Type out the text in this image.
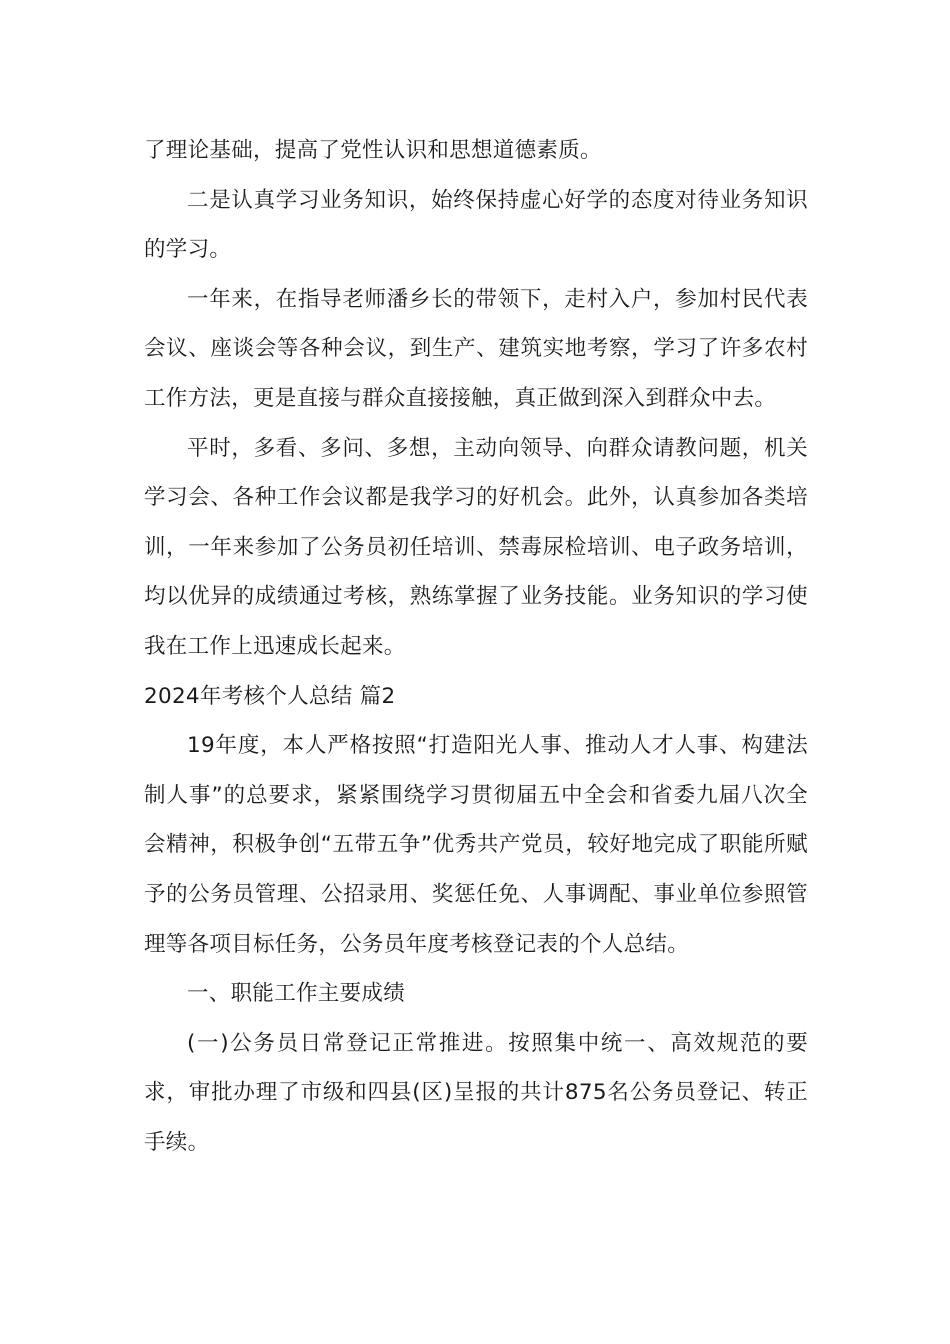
了理论基础，提高了党性认识和思想道德素质。

二是认真学习业务知识，始终保持虚心好学的态度对待业务知识的学习。

一年来，在指导老师潘乡长的带领下，走村入户，参加村民代表会议、座谈会等各种会议，到生产、建筑实地考察，学习了许多农村工作方法，更是直接与群众直接接触，真正做到深入到群众中去。

平时，多看、多问、多想，主动向领导、向群众请教问题，机关学习会、各种工作会议都是我学习的好机会。此外，认真参加各类培训，一年来参加了公务员初任培训、禁毒尿检培训、电子政务培训，均以优异的成绩通过考核，熟练掌握了业务技能。业务知识的学习使我在工作上迅速成长起来。

2024年考核个人总结 篇2

19年度，本人严格按照“打造阳光人事、推动人才人事、构建法制人事”的总要求，紧紧围绕学习贯彻届五中全会和省委九届八次全会精神，积极争创“五带五争”优秀共产党员，较好地完成了职能所赋予的公务员管理、公招录用、奖惩任免、人事调配、事业单位参照管理等各项目标任务，公务员年度考核登记表的个人总结。

一、职能工作主要成绩

(一)公务员日常登记正常推进。按照集中统一、高效规范的要求，审批办理了市级和四县(区)呈报的共计875名公务员登记、转正手续。
